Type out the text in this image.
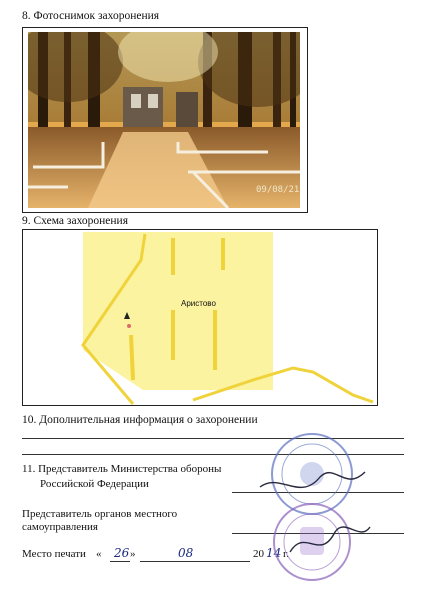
8. Фотоснимок захоронения
09/08/21
9. Схема захоронения
Аристово
10. Дополнительная информация о захоронении
11. Представитель Министерства обороны
Российской Федерации
Представитель органов местного
самоуправления
Место печати « 26 »	08	20 14 г.
